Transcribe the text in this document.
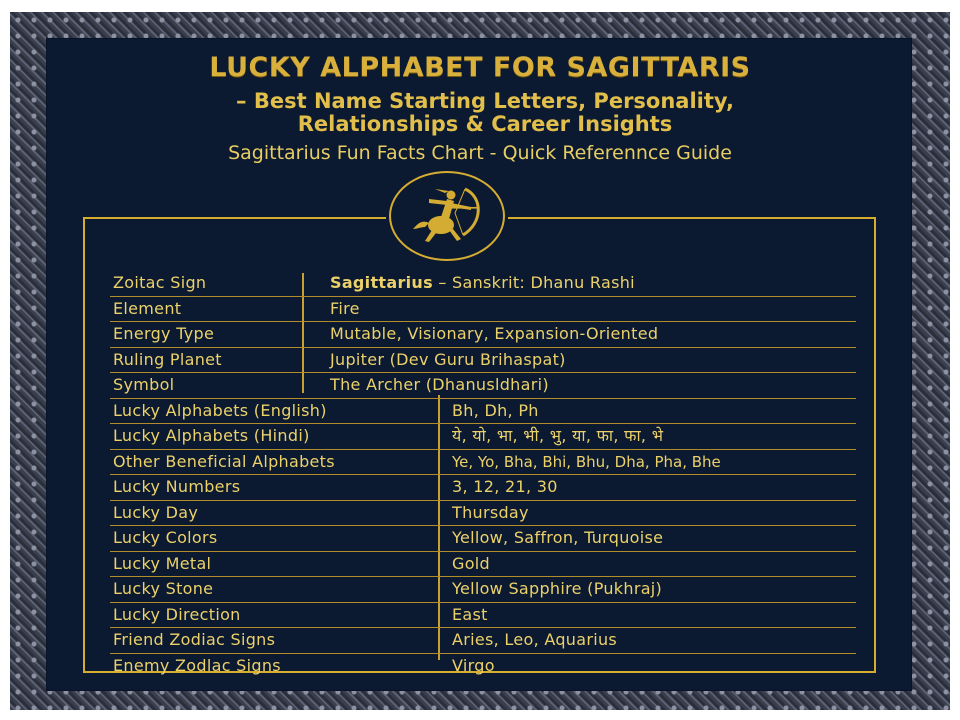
LUCKY ALPHABET FOR SAGITTARIS
– Best Name Starting Letters, Personality,
Relationships & Career Insights
Sagittarius Fun Facts Chart - Quick Referennce Guide
Zoitac Sign	Sagittarius – Sanskrit: Dhanu Rashi
Element	Fire
Energy Type	Mutable, Visionary, Expansion-Oriented
Ruling Planet	Jupiter (Dev Guru Brihaspat)
Symbol	The Archer (Dhanusldhari)
Lucky Alphabets (English)	Bh, Dh, Ph
Lucky Alphabets (Hindi)	ये, यो, भा, भी, भु, या, फा, फा, भे
Other Beneficial Alphabets	Ye, Yo, Bha, Bhi, Bhu, Dha, Pha, Bhe
Lucky Numbers	3, 12, 21, 30
Lucky Day	Thursday
Lucky Colors	Yellow, Saffron, Turquoise
Lucky Metal	Gold
Lucky Stone	Yellow Sapphire (Pukhraj)
Lucky Direction	East
Friend Zodiac Signs	Aries, Leo, Aquarius
Enemy Zodlac Signs	Virgo
